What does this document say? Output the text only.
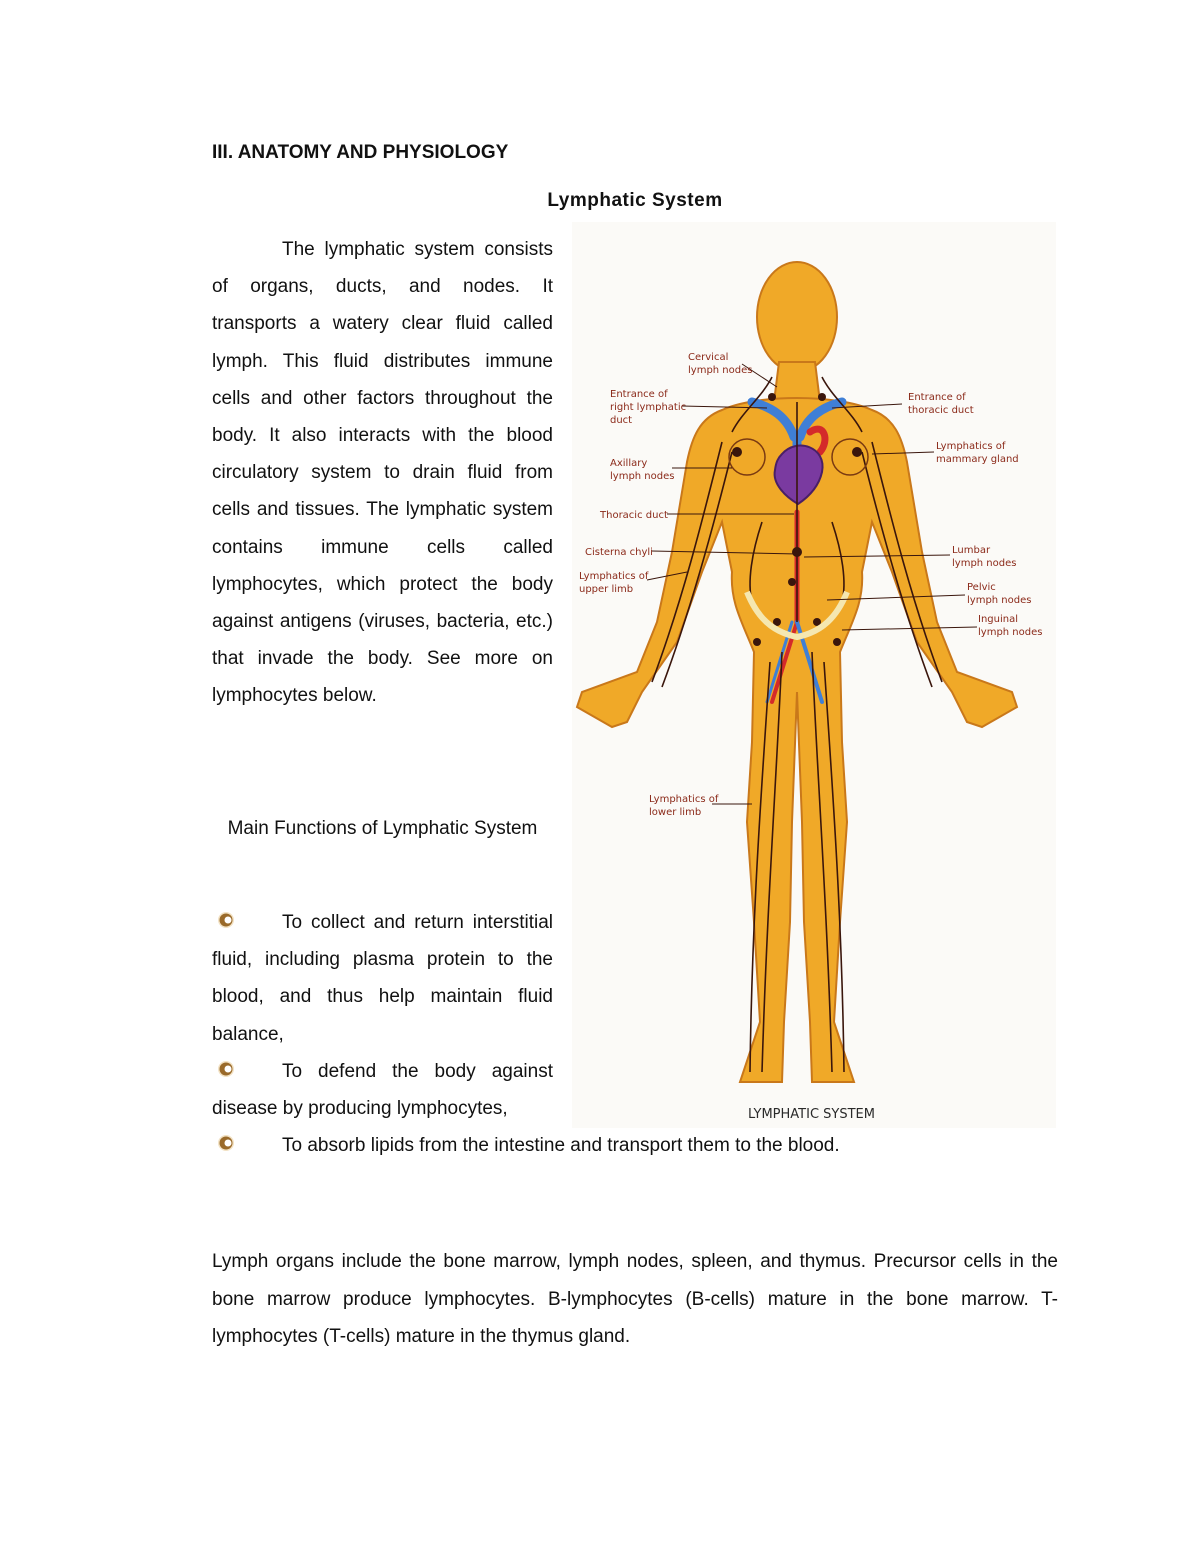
III. ANATOMY AND PHYSIOLOGY
Lymphatic System

The lymphatic system consists of organs, ducts, and nodes. It transports a watery clear fluid called lymph. This fluid distributes immune cells and other factors throughout the body. It also interacts with the blood circulatory system to drain fluid from cells and tissues. The lymphatic system contains immune cells called lymphocytes, which protect the body against antigens (viruses, bacteria, etc.) that invade the body. See more on lymphocytes below.

Main Functions of Lymphatic System

To collect and return interstitial fluid, including plasma protein to the blood, and thus help maintain fluid balance,
To defend the body against disease by producing lymphocytes,
To absorb lipids from the intestine and transport them to the blood.

Lymph organs include the bone marrow, lymph nodes, spleen, and thymus. Precursor cells in the bone marrow produce lymphocytes. B-lymphocytes (B-cells) mature in the bone marrow. T-lymphocytes (T-cells) mature in the thymus gland.

Cervical
lymph nodes
Entrance of
right lymphatic
duct
Entrance of
thoracic duct
Lymphatics of
mammary gland
Axillary
lymph nodes
Thoracic duct
Cisterna chyli	Lumbar
lymph nodes
Lymphatics of
upper limb	Pelvic
lymph nodes
Inguinal
lymph nodes
Lymphatics of
lower limb
LYMPHATIC SYSTEM
